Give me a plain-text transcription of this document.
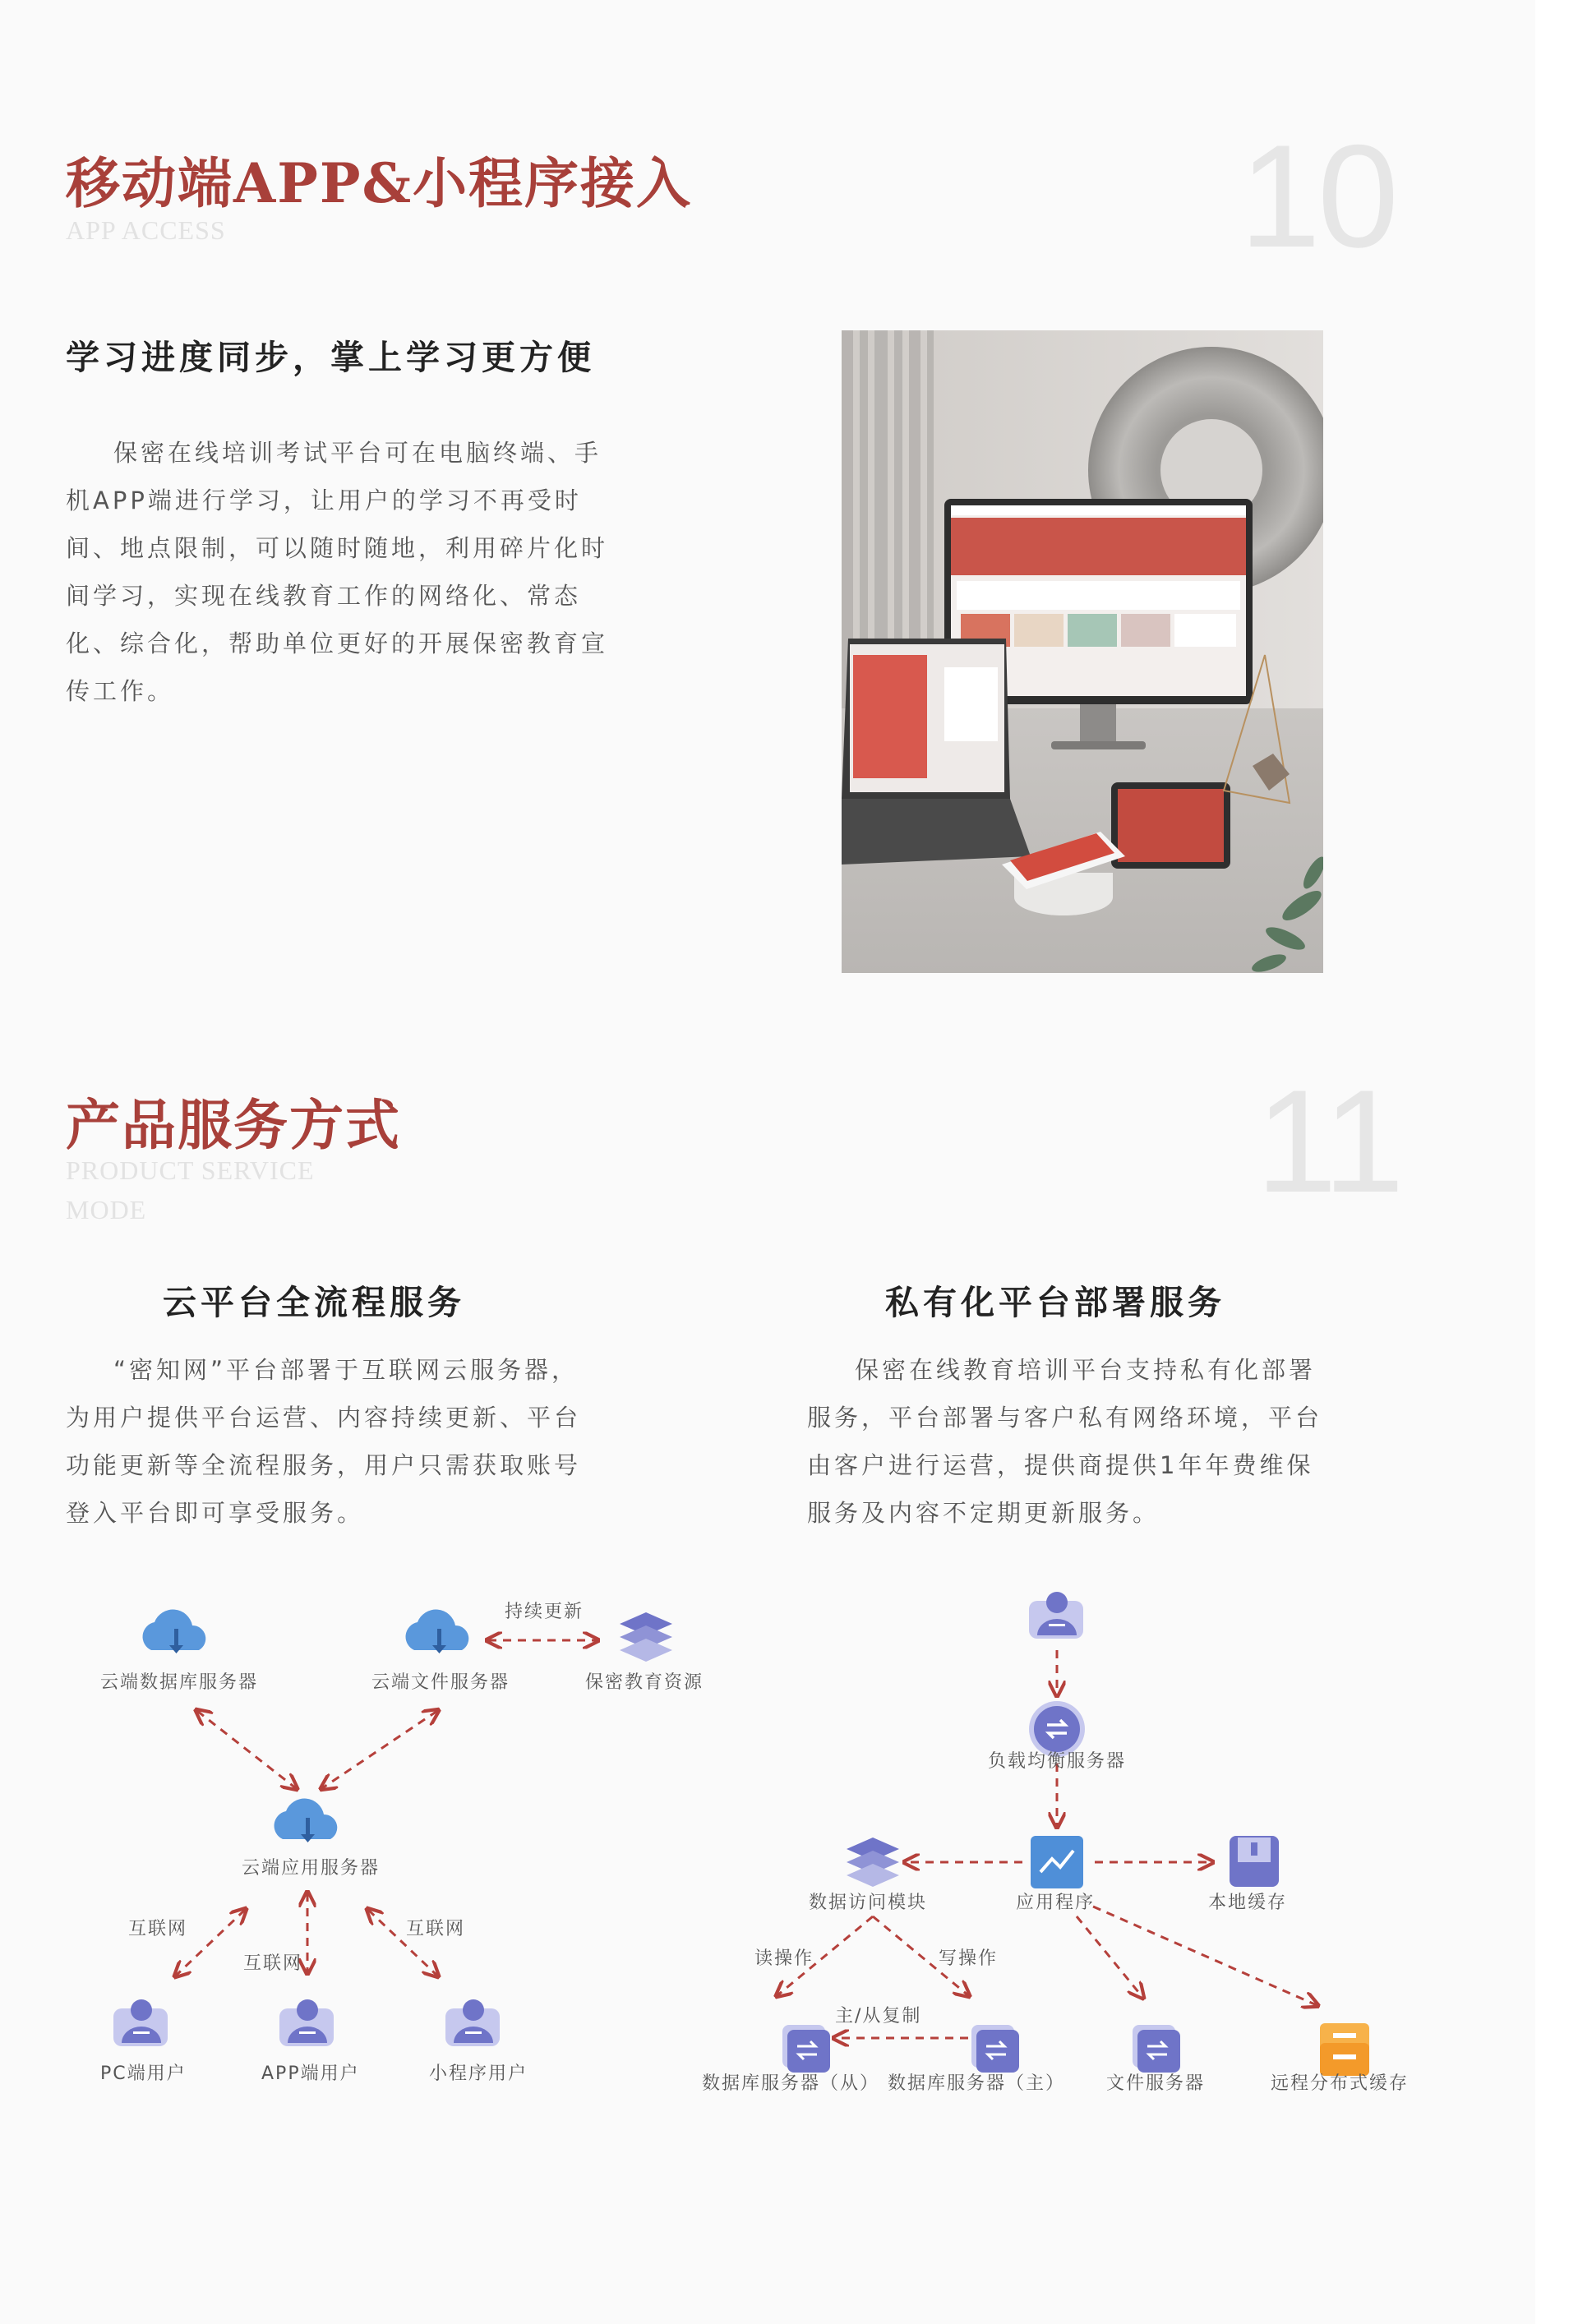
移动端APP&小程序接入
APP ACCESS	10
学习进度同步，掌上学习更方便

保密在线培训考试平台可在电脑终端、手机APP端进行学习，让用户的学习不再受时间、地点限制，可以随时随地，利用碎片化时间学习，实现在线教育工作的网络化、常态化、综合化，帮助单位更好的开展保密教育宣传工作。

产品服务方式
PRODUCT SERVICE
MODE	11
云平台全流程服务

“密知网”平台部署于互联网云服务器，为用户提供平台运营、内容持续更新、平台功能更新等全流程服务，用户只需获取账号登入平台即可享受服务。

私有化平台部署服务

保密在线教育培训平台支持私有化部署服务，平台部署与客户私有网络环境，平台由客户进行运营，提供商提供1年年费维保服务及内容不定期更新服务。

云端数据库服务器	云端文件服务器	保密教育资源
持续更新
云端应用服务器
互联网
互联网
互联网
PC端用户	APP端用户	小程序用户
负载均衡服务器
数据访问模块	应用程序	本地缓存
读操作	写操作
主/从复制
数据库服务器（从） 数据库服务器（主） 文件服务器	远程分布式缓存
